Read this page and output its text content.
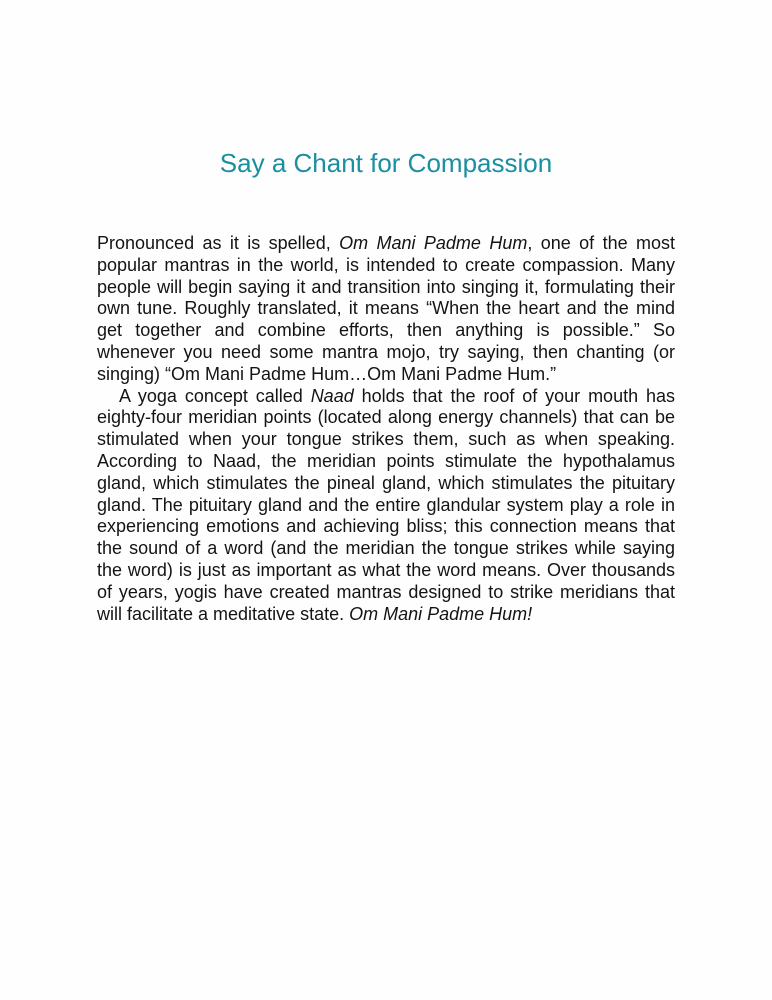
Say a Chant for Compassion

Pronounced as it is spelled, Om Mani Padme Hum, one of the most popular mantras in the world, is intended to create compassion. Many people will begin saying it and transition into singing it, formulating their own tune. Roughly translated, it means “When the heart and the mind get together and combine efforts, then anything is possible.” So whenever you need some mantra mojo, try saying, then chanting (or singing) “Om Mani Padme Hum…Om Mani Padme Hum.”

A yoga concept called Naad holds that the roof of your mouth has eighty-four meridian points (located along energy channels) that can be stimulated when your tongue strikes them, such as when speaking. According to Naad, the meridian points stimulate the hypothalamus gland, which stimulates the pineal gland, which stimulates the pituitary gland. The pituitary gland and the entire glandular system play a role in experiencing emotions and achieving bliss; this connection means that the sound of a word (and the meridian the tongue strikes while saying the word) is just as important as what the word means. Over thousands of years, yogis have created mantras designed to strike meridians that will facilitate a meditative state. Om Mani Padme Hum!
